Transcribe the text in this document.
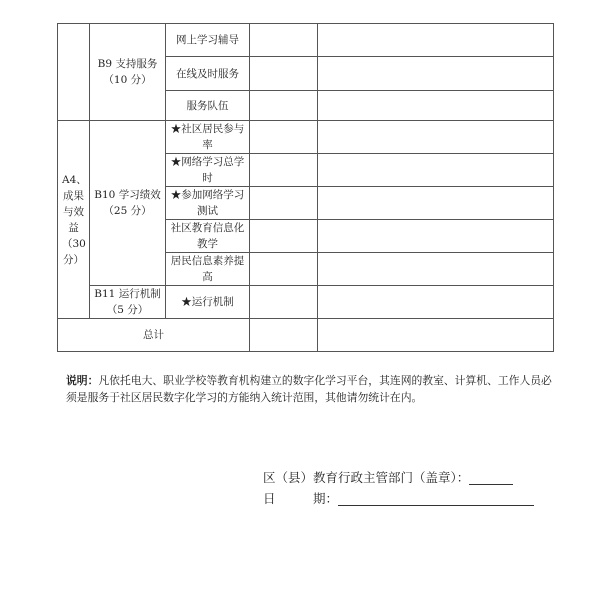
	B9 支持服务（10 分）	网上学习辅导		
		在线及时服务		
		服务队伍		
A4、成果与效益（30分）	B10 学习绩效（25 分）	★社区居民参与率		
		★网络学习总学时		
		★参加网络学习测试		
		社区教育信息化教学		
		居民信息素养提高		
	B11 运行机制（5 分）	★运行机制		
总计				
说明：凡依托电大、职业学校等教育机构建立的数字化学习平台，其连网的教室、计算机、工作人员必须是服务于社区居民数字化学习的方能纳入统计范围，其他请勿统计在内。
区（县）教育行政主管部门（盖章）：
日　　　期：
